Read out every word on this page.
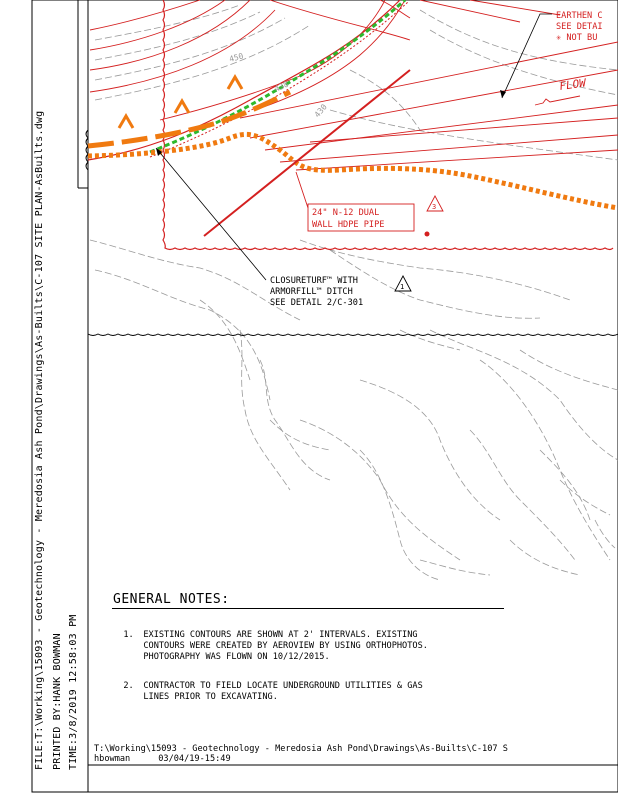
450
438
430
24" N-12 DUAL
WALL HDPE PIPE
3
EARTHEN C
SEE DETAI
✳ NOT BU
FLOW
CLOSURETURF™ WITH
ARMORFILL™ DITCH
SEE DETAIL 2/C-301
1
FILE:T:\Working\15093 - Geotechnology - Meredosia Ash Pond\Drawings\As-Builts\C-107 SITE PLAN-AsBuilts.dwg PRINTED BY:HANK BOWMAN TIME:3/8/2019 12:58:03 PM
GENERAL NOTES:

1. EXISTING CONTOURS ARE SHOWN AT 2' INTERVALS. EXISTING
CONTOURS WERE CREATED BY AEROVIEW BY USING ORTHOPHOTOS.
PHOTOGRAPHY WAS FLOWN ON 10/12/2015.

2. CONTRACTOR TO FIELD LOCATE UNDERGROUND UTILITIES & GAS
LINES PRIOR TO EXCAVATING.

T:\Working\15093 - Geotechnology - Meredosia Ash Pond\Drawings\As-Builts\C-107 S
hbowman	03/04/19-15:49
